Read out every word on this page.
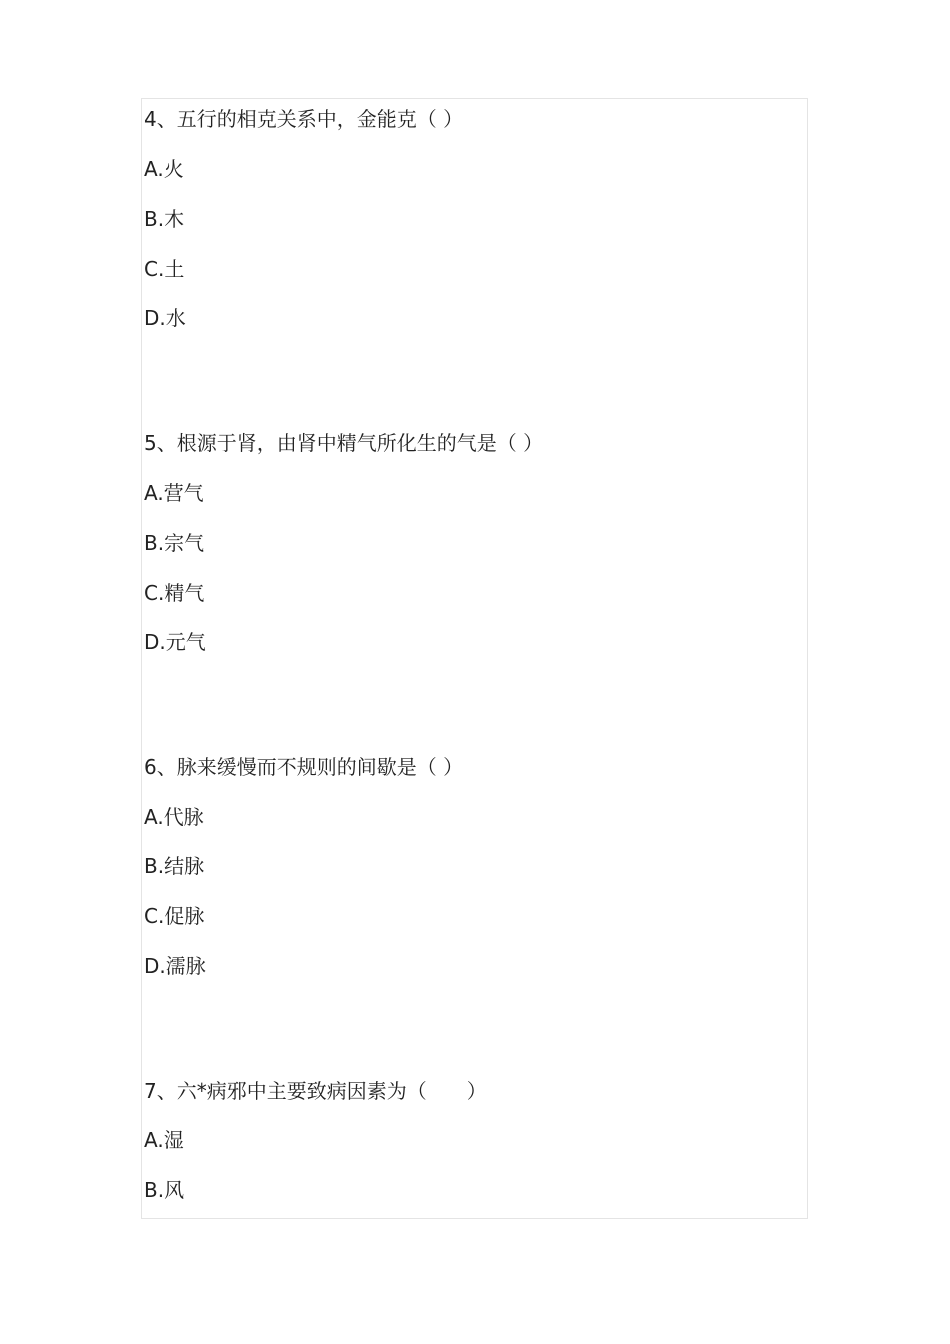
4、五行的相克关系中，金能克（ ）

A.火

B.木

C.土

D.水

5、根源于肾，由肾中精气所化生的气是（ ）

A.营气

B.宗气

C.精气

D.元气

6、脉来缓慢而不规则的间歇是（ ）

A.代脉

B.结脉

C.促脉

D.濡脉

7、六*病邪中主要致病因素为（　　）

A.湿

B.风
